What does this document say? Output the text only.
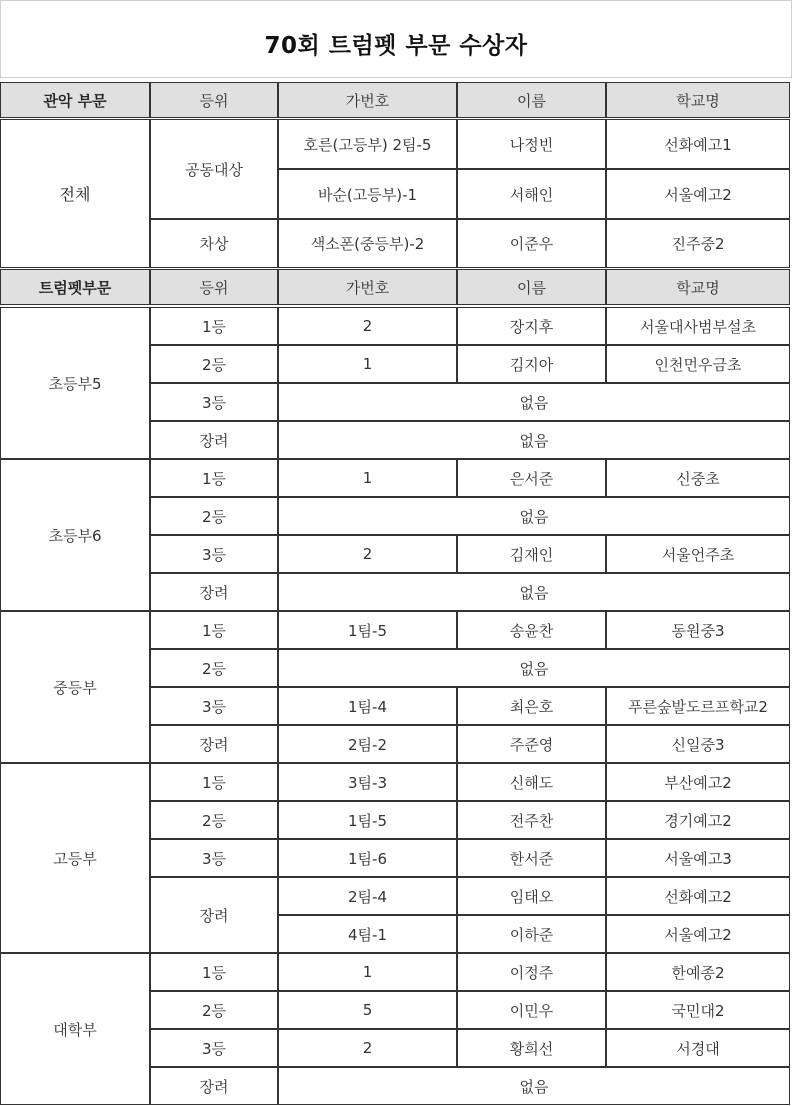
70회 트럼펫 부문 수상자
관악 부문	등위	가번호	이름	학교명
전체	공동대상	호른(고등부) 2팀-5	나정빈	선화예고1
		바순(고등부)-1	서해인	서울예고2
	차상	색소폰(중등부)-2	이준우	진주중2
트럼펫부문	등위	가번호	이름	학교명
초등부5	1등	2	장지후	서울대사범부설초
	2등	1	김지아	인천먼우금초
	3등	없음		
	장려	없음		
초등부6	1등	1	은서준	신중초
	2등	없음		
	3등	2	김재인	서울언주초
	장려	없음		
중등부	1등	1팀-5	송윤찬	동원중3
	2등	없음		
	3등	1팀-4	최은호	푸른숲발도르프학교2
	장려	2팀-2	주준영	신일중3
고등부	1등	3팀-3	신해도	부산예고2
	2등	1팀-5	전주찬	경기예고2
	3등	1팀-6	한서준	서울예고3
	장려	2팀-4	임태오	선화예고2
		4팀-1	이하준	서울예고2
대학부	1등	1	이정주	한예종2
	2등	5	이민우	국민대2
	3등	2	황희선	서경대
	장려	없음		
